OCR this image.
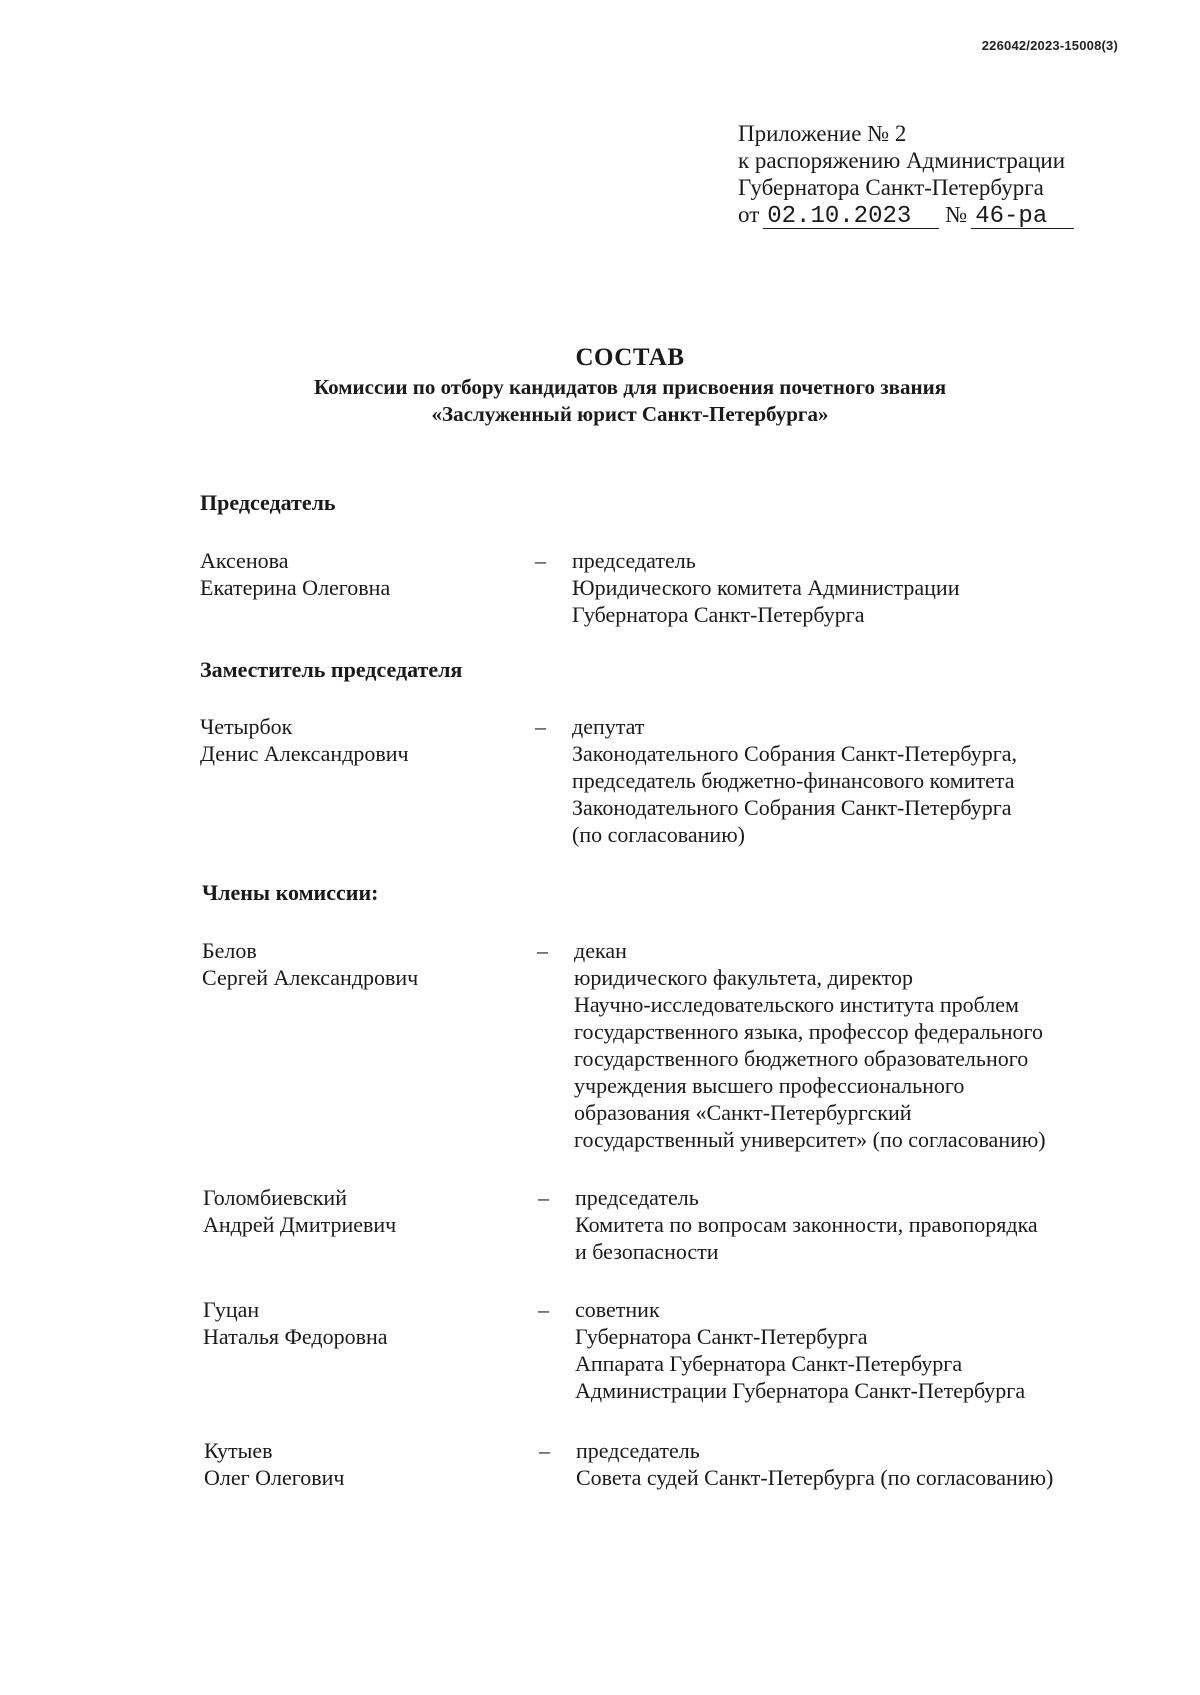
226042/2023-15008(3)
Приложение № 2
к распоряжению Администрации
Губернатора Санкт-Петербурга
от 02.10.2023 № 46-ра
СОСТАВ
Комиссии по отбору кандидатов для присвоения почетного звания
«Заслуженный юрист Санкт-Петербурга»
Председатель
Аксенова
Екатерина Олеговна
– председатель
Юридического комитета Администрации
Губернатора Санкт-Петербурга
Заместитель председателя
Четырбок
Денис Александрович
– депутат
Законодательного Собрания Санкт-Петербурга,
председатель бюджетно-финансового комитета
Законодательного Собрания Санкт-Петербурга
(по согласованию)
Члены комиссии:
Белов
Сергей Александрович
– декан
юридического факультета, директор
Научно-исследовательского института проблем
государственного языка, профессор федерального
государственного бюджетного образовательного
учреждения высшего профессионального
образования «Санкт-Петербургский
государственный университет» (по согласованию)
Голомбиевский
Андрей Дмитриевич
– председатель
Комитета по вопросам законности, правопорядка
и безопасности
Гуцан
Наталья Федоровна
– советник
Губернатора Санкт-Петербурга
Аппарата Губернатора Санкт-Петербурга
Администрации Губернатора Санкт-Петербурга
Кутыев
Олег Олегович
– председатель
Совета судей Санкт-Петербурга (по согласованию)
